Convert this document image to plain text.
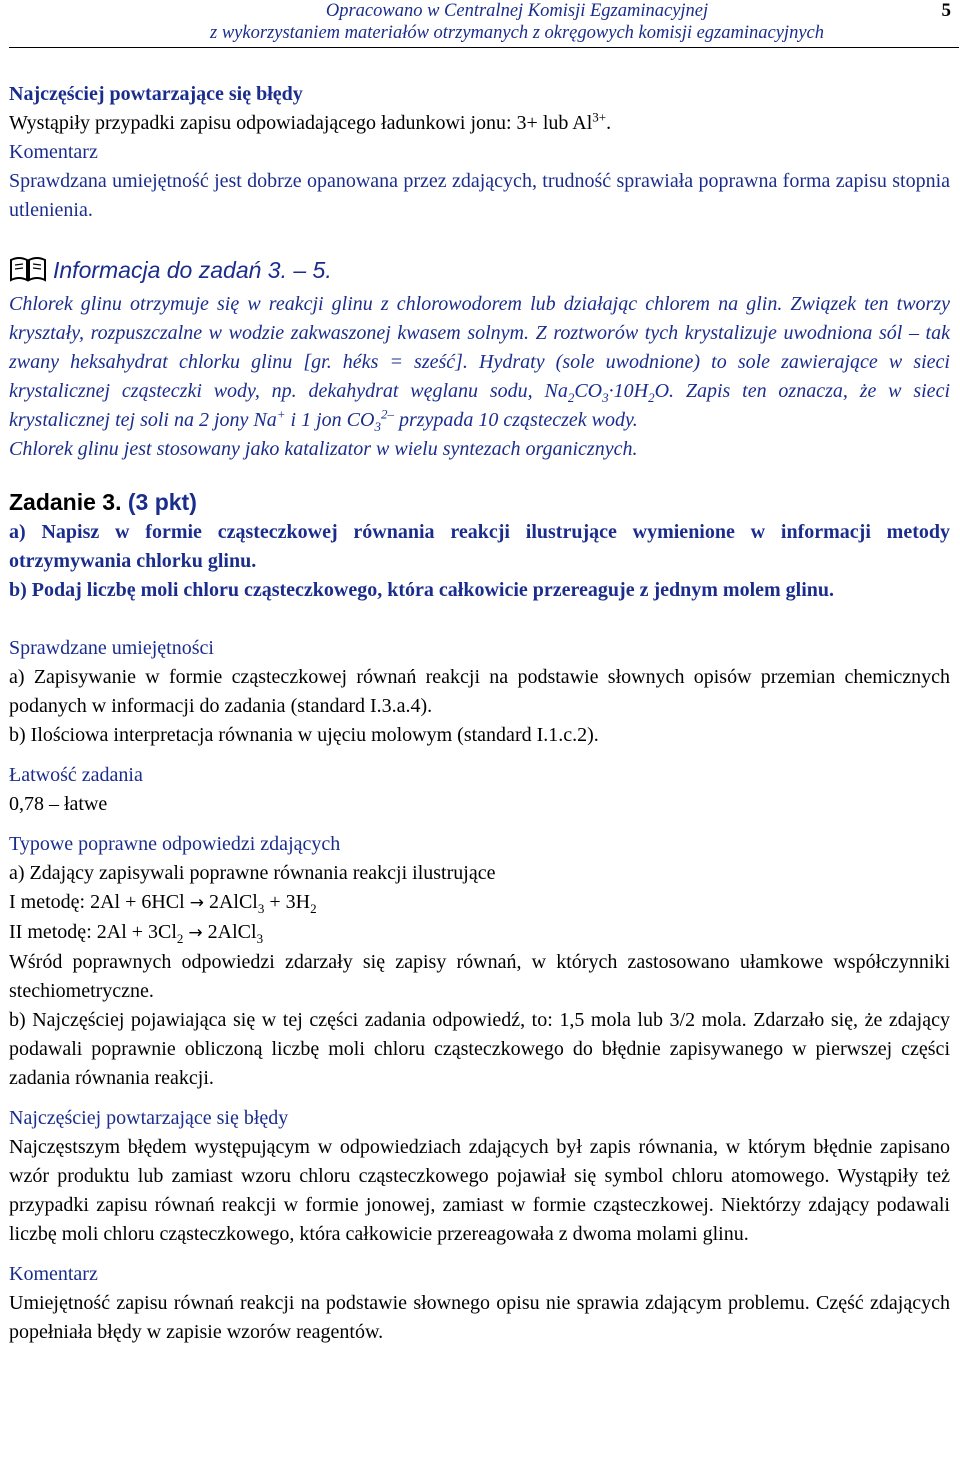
Opracowano w Centralnej Komisji Egzaminacyjnej
z wykorzystaniem materiałów otrzymanych z okręgowych komisji egzaminacyjnych
5

Najczęściej powtarzające się błędy

Wystąpiły przypadki zapisu odpowiadającego ładunkowi jonu: 3+ lub $Al^{3+}$.

Komentarz

Sprawdzana umiejętność jest dobrze opanowana przez zdających, trudność sprawiała poprawna forma zapisu stopnia utlenienia.

Informacja do zadań 3. – 5.

Chlorek glinu otrzymuje się w reakcji glinu z chlorowodorem lub działając chlorem na glin. Związek ten tworzy kryształy, rozpuszczalne w wodzie zakwaszonej kwasem solnym. Z roztworów tych krystalizuje uwodniona sól – tak zwany heksahydrat chlorku glinu [gr. héks = sześć]. Hydraty (sole uwodnione) to sole zawierające w sieci krystalicznej cząsteczki wody, np. dekahydrat węglanu sodu, $Na_2CO_3\cdot 10H_2O$. Zapis ten oznacza, że w sieci krystalicznej tej soli na 2 jony Na+ i 1 jon $CO_3^{2-}$ przypada 10 cząsteczek wody.

Chlorek glinu jest stosowany jako katalizator w wielu syntezach organicznych.

Zadanie 3. (3 pkt)

a) Napisz w formie cząsteczkowej równania reakcji ilustrujące wymienione w informacji metody otrzymywania chlorku glinu.

b) Podaj liczbę moli chloru cząsteczkowego, która całkowicie przereaguje z jednym molem glinu.

Sprawdzane umiejętności

a) Zapisywanie w formie cząsteczkowej równań reakcji na podstawie słownych opisów przemian chemicznych podanych w informacji do zadania (standard I.3.a.4).

b) Ilościowa interpretacja równania w ujęciu molowym (standard I.1.c.2).

Łatwość zadania

0,78 – łatwe

Typowe poprawne odpowiedzi zdających

a) Zdający zapisywali poprawne równania reakcji ilustrujące

I metodę: 2Al + 6HCl → 2AlCl$_3$ + $3H_2$

II metodę: $2Al + 3Cl_2$ → 2AlCl$_3$

Wśród poprawnych odpowiedzi zdarzały się zapisy równań, w których zastosowano ułamkowe współczynniki stechiometryczne.

b) Najczęściej pojawiająca się w tej części zadania odpowiedź, to: 1,5 mola lub 3/2 mola. Zdarzało się, że zdający podawali poprawnie obliczoną liczbę moli chloru cząsteczkowego do błędnie zapisywanego w pierwszej części zadania równania reakcji.

Najczęściej powtarzające się błędy

Najczęstszym błędem występującym w odpowiedziach zdających był zapis równania, w którym błędnie zapisano wzór produktu lub zamiast wzoru chloru cząsteczkowego pojawiał się symbol chloru atomowego. Wystąpiły też przypadki zapisu równań reakcji w formie jonowej, zamiast w formie cząsteczkowej. Niektórzy zdający podawali liczbę moli chloru cząsteczkowego, która całkowicie przereagowała z dwoma molami glinu.

Komentarz

Umiejętność zapisu równań reakcji na podstawie słownego opisu nie sprawia zdającym problemu. Część zdających popełniała błędy w zapisie wzorów reagentów.
